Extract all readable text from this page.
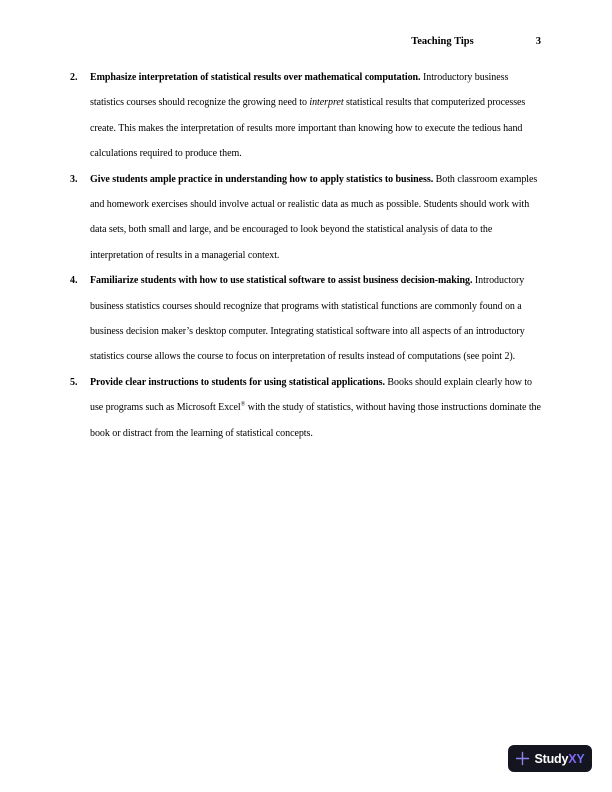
Teaching Tips	3
2. Emphasize interpretation of statistical results over mathematical computation. Introductory business statistics courses should recognize the growing need to interpret statistical results that computerized processes create. This makes the interpretation of results more important than knowing how to execute the tedious hand calculations required to produce them.
3. Give students ample practice in understanding how to apply statistics to business. Both classroom examples and homework exercises should involve actual or realistic data as much as possible. Students should work with data sets, both small and large, and be encouraged to look beyond the statistical analysis of data to the interpretation of results in a managerial context.
4. Familiarize students with how to use statistical software to assist business decision-making. Introductory business statistics courses should recognize that programs with statistical functions are commonly found on a business decision maker’s desktop computer. Integrating statistical software into all aspects of an introductory statistics course allows the course to focus on interpretation of results instead of computations (see point 2).
5. Provide clear instructions to students for using statistical applications. Books should explain clearly how to use programs such as Microsoft Excel® with the study of statistics, without having those instructions dominate the book or distract from the learning of statistical concepts.
StudyXY
